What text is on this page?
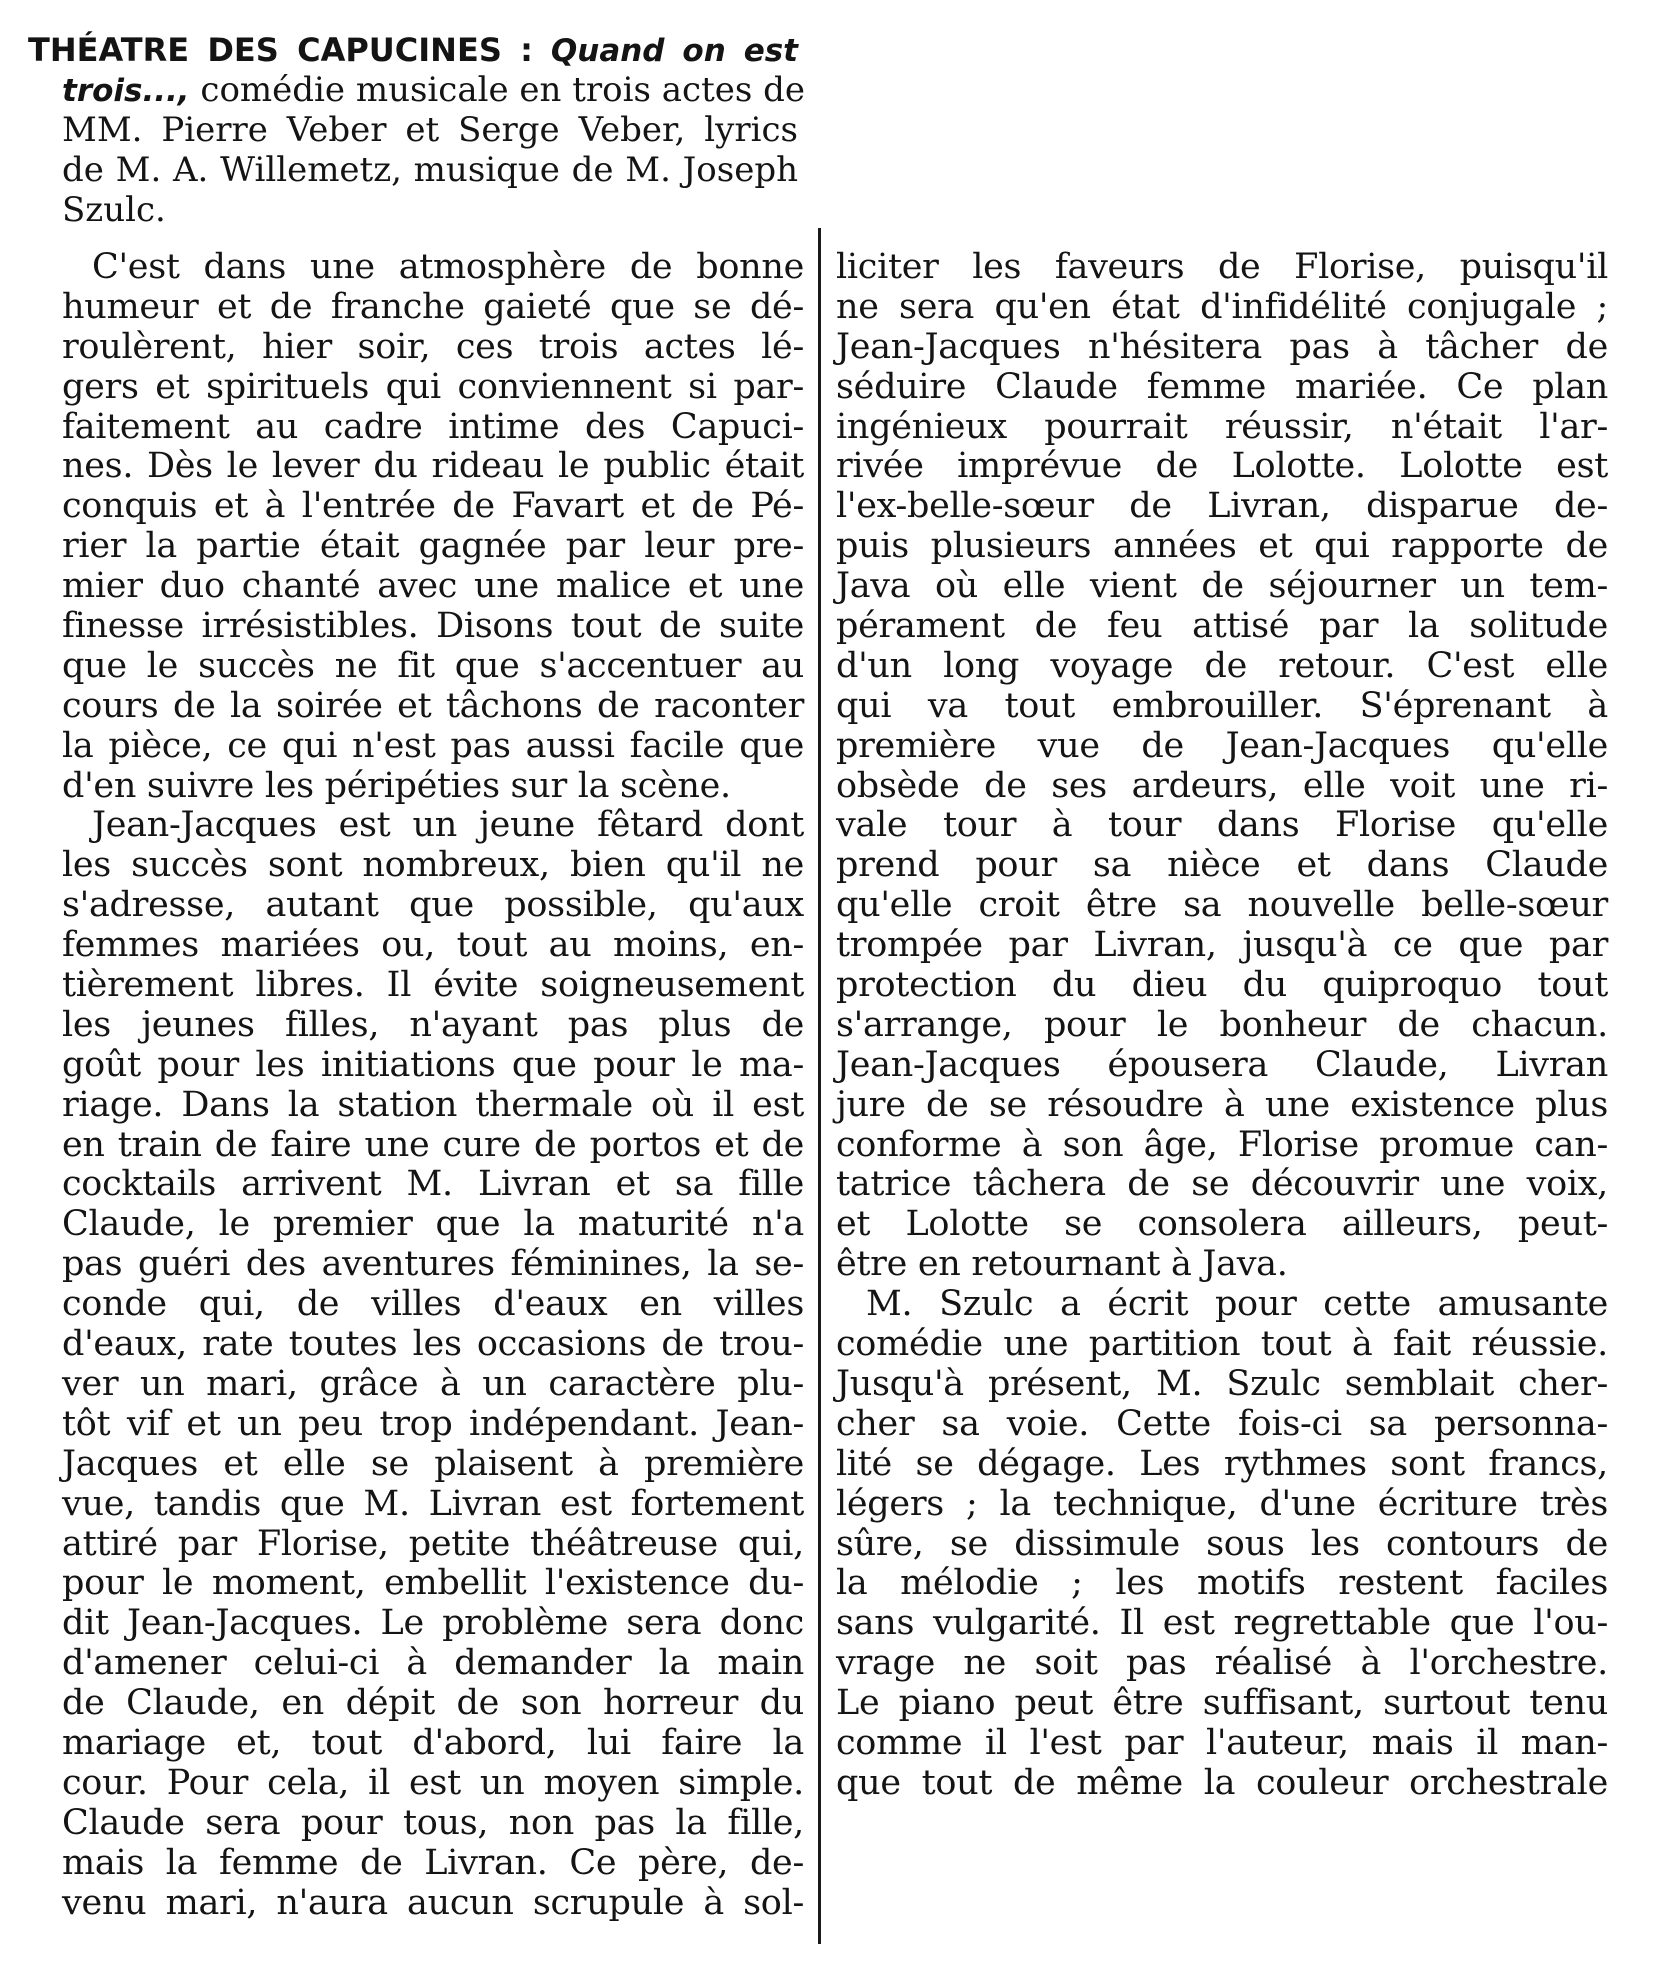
THÉATRE DES CAPUCINES : Quand on est
trois..., comédie musicale en trois actes de
MM. Pierre Veber et Serge Veber, lyrics
de M. A. Willemetz, musique de M. Joseph
Szulc.
C'est dans une atmosphère de bonne
humeur et de franche gaieté que se dé-
roulèrent, hier soir, ces trois actes lé-
gers et spirituels qui conviennent si par-
faitement au cadre intime des Capuci-
nes. Dès le lever du rideau le public était
conquis et à l'entrée de Favart et de Pé-
rier la partie était gagnée par leur pre-
mier duo chanté avec une malice et une
finesse irrésistibles. Disons tout de suite
que le succès ne fit que s'accentuer au
cours de la soirée et tâchons de raconter
la pièce, ce qui n'est pas aussi facile que
d'en suivre les péripéties sur la scène.
Jean-Jacques est un jeune fêtard dont
les succès sont nombreux, bien qu'il ne
s'adresse, autant que possible, qu'aux
femmes mariées ou, tout au moins, en-
tièrement libres. Il évite soigneusement
les jeunes filles, n'ayant pas plus de
goût pour les initiations que pour le ma-
riage. Dans la station thermale où il est
en train de faire une cure de portos et de
cocktails arrivent M. Livran et sa fille
Claude, le premier que la maturité n'a
pas guéri des aventures féminines, la se-
conde qui, de villes d'eaux en villes
d'eaux, rate toutes les occasions de trou-
ver un mari, grâce à un caractère plu-
tôt vif et un peu trop indépendant. Jean-
Jacques et elle se plaisent à première
vue, tandis que M. Livran est fortement
attiré par Florise, petite théâtreuse qui,
pour le moment, embellit l'existence du-
dit Jean-Jacques. Le problème sera donc
d'amener celui-ci à demander la main
de Claude, en dépit de son horreur du
mariage et, tout d'abord, lui faire la
cour. Pour cela, il est un moyen simple.
Claude sera pour tous, non pas la fille,
mais la femme de Livran. Ce père, de-
venu mari, n'aura aucun scrupule à sol-
liciter les faveurs de Florise, puisqu'il
ne sera qu'en état d'infidélité conjugale ;
Jean-Jacques n'hésitera pas à tâcher de
séduire Claude femme mariée. Ce plan
ingénieux pourrait réussir, n'était l'ar-
rivée imprévue de Lolotte. Lolotte est
l'ex-belle-sœur de Livran, disparue de-
puis plusieurs années et qui rapporte de
Java où elle vient de séjourner un tem-
pérament de feu attisé par la solitude
d'un long voyage de retour. C'est elle
qui va tout embrouiller. S'éprenant à
première vue de Jean-Jacques qu'elle
obsède de ses ardeurs, elle voit une ri-
vale tour à tour dans Florise qu'elle
prend pour sa nièce et dans Claude
qu'elle croit être sa nouvelle belle-sœur
trompée par Livran, jusqu'à ce que par
protection du dieu du quiproquo tout
s'arrange, pour le bonheur de chacun.
Jean-Jacques épousera Claude, Livran
jure de se résoudre à une existence plus
conforme à son âge, Florise promue can-
tatrice tâchera de se découvrir une voix,
et Lolotte se consolera ailleurs, peut-
être en retournant à Java.
M. Szulc a écrit pour cette amusante
comédie une partition tout à fait réussie.
Jusqu'à présent, M. Szulc semblait cher-
cher sa voie. Cette fois-ci sa personna-
lité se dégage. Les rythmes sont francs,
légers ; la technique, d'une écriture très
sûre, se dissimule sous les contours de
la mélodie ; les motifs restent faciles
sans vulgarité. Il est regrettable que l'ou-
vrage ne soit pas réalisé à l'orchestre.
Le piano peut être suffisant, surtout tenu
comme il l'est par l'auteur, mais il man-
que tout de même la couleur orchestrale
